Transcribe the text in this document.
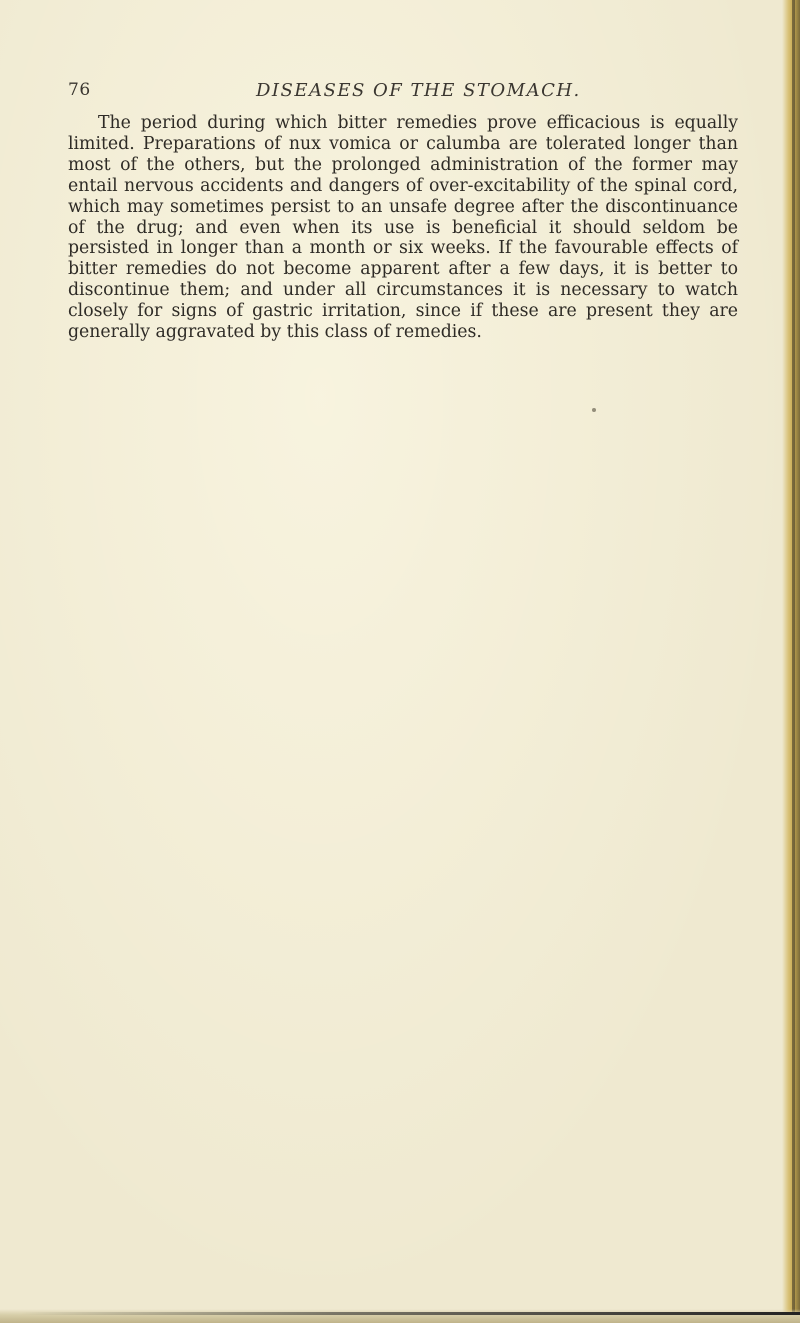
76	DISEASES OF THE STOMACH.

The period during which bitter remedies prove efficacious is equally limited. Preparations of nux vomica or calumba are tolerated longer than most of the others, but the prolonged administration of the former may entail nervous accidents and dangers of over-excitability of the spinal cord, which may sometimes persist to an unsafe degree after the discontinuance of the drug; and even when its use is beneficial it should seldom be persisted in longer than a month or six weeks. If the favourable effects of bitter remedies do not become apparent after a few days, it is better to discontinue them; and under all circumstances it is necessary to watch closely for signs of gastric irritation, since if these are present they are generally aggravated by this class of remedies.
